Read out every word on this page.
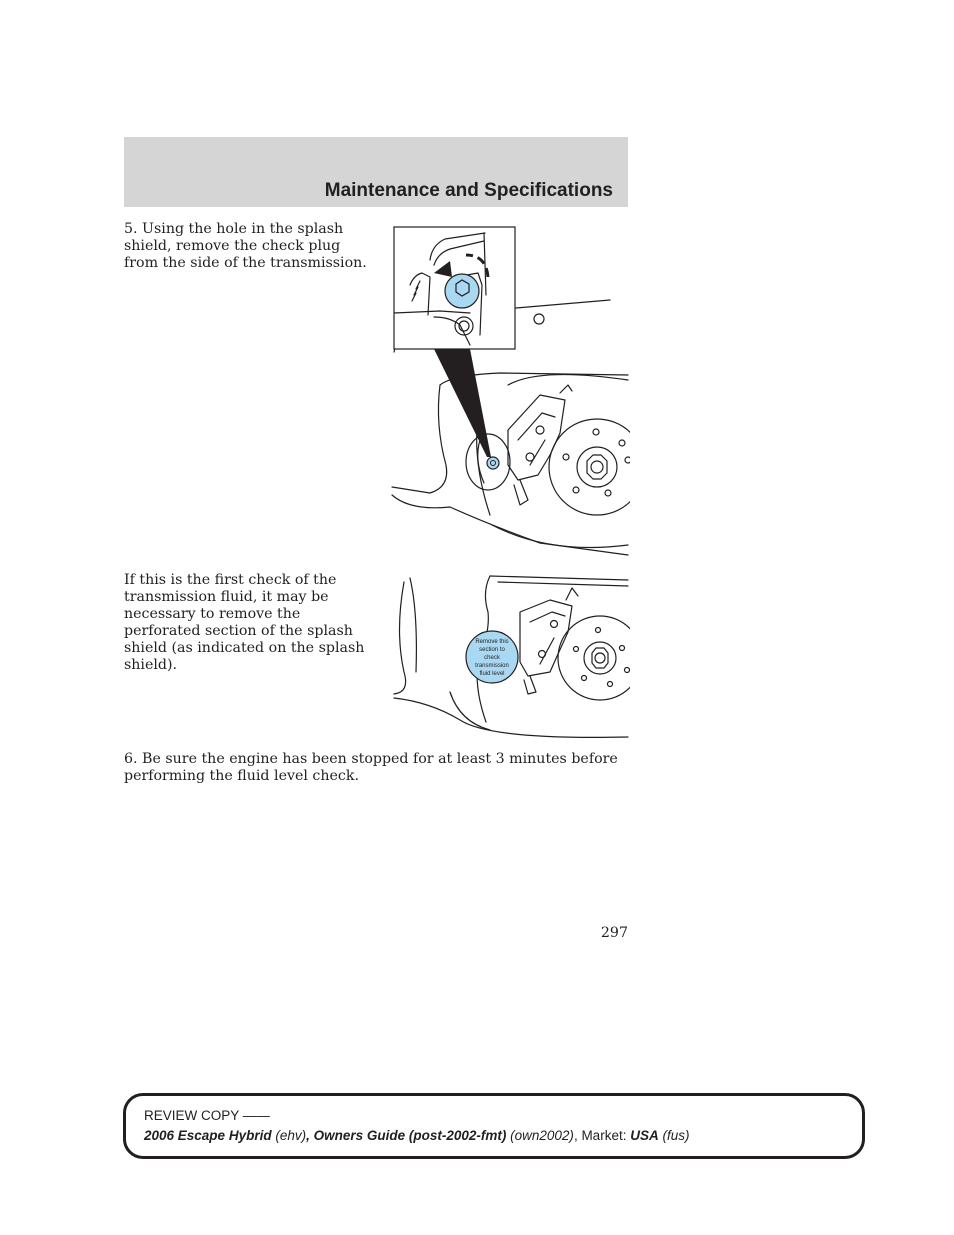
Maintenance and Specifications

5. Using the hole in the splash shield, remove the check plug from the side of the transmission.

If this is the first check of the transmission fluid, it may be necessary to remove the perforated section of the splash shield (as indicated on the splash shield).

Remove this
section to
check
transmission
fluid level

6. Be sure the engine has been stopped for at least 3 minutes before performing the fluid level check.

297

REVIEW COPY ——
2006 Escape Hybrid (ehv), Owners Guide (post-2002-fmt) (own2002), Market: USA (fus)
